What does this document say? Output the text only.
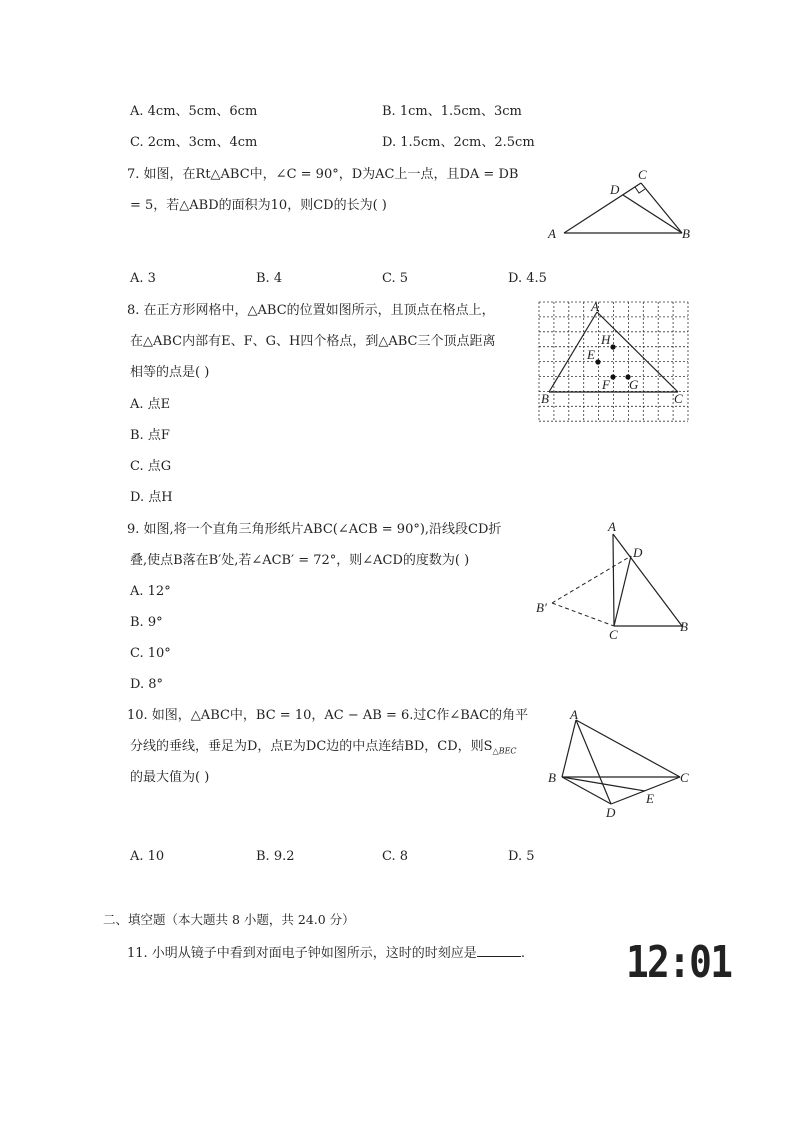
A. 4cm、5cm、6cm	B. 1cm、1.5cm、3cm
C. 2cm、3cm、4cm	D. 1.5cm、2cm、2.5cm
7. 如图，在Rt△ABC中，∠C = 90°，D为AC上一点，且DA = DB
= 5，若△ABD的面积为10，则CD的长为( )
A	B
C
D
A. 3	B. 4	C. 5	D. 4.5
8. 在正方形网格中，△ABC的位置如图所示，且顶点在格点上，
在△ABC内部有E、F、G、H四个格点，到△ABC三个顶点距离
相等的点是( )
A. 点E
B. 点F
C. 点G
D. 点H
A
B	C
H
E
F G
9. 如图,将一个直角三角形纸片ABC(∠ACB = 90°),沿线段CD折
叠,使点B落在B′处,若∠ACB′ = 72°，则∠ACD的度数为( )
A. 12°
B. 9°
C. 10°
D. 8°
A
D
B′
C
B
10. 如图，△ABC中，BC = 10，AC − AB = 6.过C作∠BAC的角平
分线的垂线，垂足为D，点E为DC边的中点连结BD，CD，则$S_{\triangle BEC}$
的最大值为( )
A
B	C
E
D
A. 10	B. 9.2	C. 8	D. 5
二、填空题（本大题共 8 小题，共 24.0 分）
11. 小明从镜子中看到对面电子钟如图所示，这时的时刻应是	. 12:01
